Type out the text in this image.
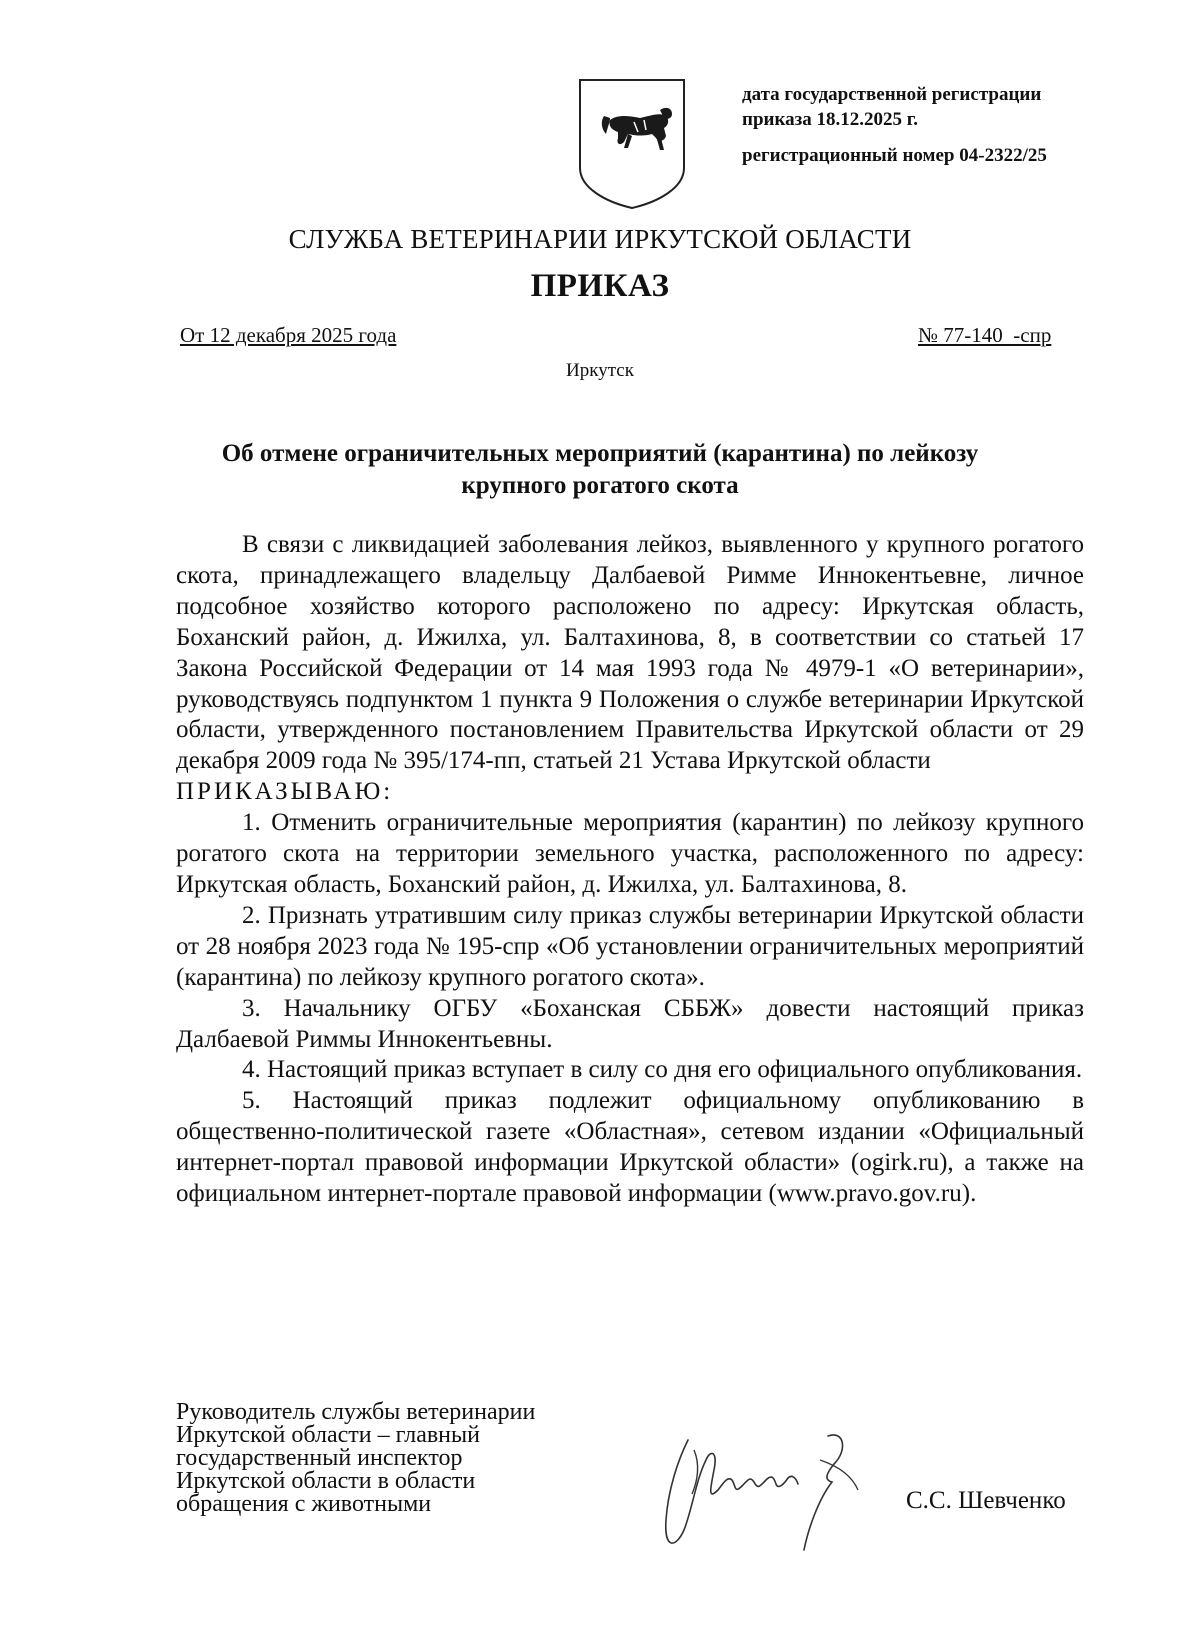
дата государственной регистрации
приказа 18.12.2025 г.
регистрационный номер 04-2322/25
СЛУЖБА ВЕТЕРИНАРИИ ИРКУТСКОЙ ОБЛАСТИ
ПРИКАЗ
От 12 декабря 2025 года	№ 77-140  -спр
Иркутск
Об отмене ограничительных мероприятий (карантина) по лейкозу
крупного рогатого скота

В связи с ликвидацией заболевания лейкоз, выявленного у крупного рогатого скота, принадлежащего владельцу Далбаевой Римме Иннокентьевне, личное подсобное хозяйство которого расположено по адресу: Иркутская область, Боханский район, д. Ижилха, ул. Балтахинова, 8, в соответствии со статьей 17 Закона Российской Федерации от 14 мая 1993 года № 4979-1 «О ветеринарии», руководствуясь подпунктом 1 пункта 9 Положения о службе ветеринарии Иркутской области, утвержденного постановлением Правительства Иркутской области от 29 декабря 2009 года № 395/174-пп, статьей 21 Устава Иркутской области

ПРИКАЗЫВАЮ:

1. Отменить ограничительные мероприятия (карантин) по лейкозу крупного рогатого скота на территории земельного участка, расположенного по адресу: Иркутская область, Боханский район, д. Ижилха, ул. Балтахинова, 8.

2. Признать утратившим силу приказ службы ветеринарии Иркутской области от 28 ноября 2023 года № 195-спр «Об установлении ограничительных мероприятий (карантина) по лейкозу крупного рогатого скота».

3. Начальнику ОГБУ «Боханская СББЖ» довести настоящий приказ Далбаевой Риммы Иннокентьевны.

4. Настоящий приказ вступает в силу со дня его официального опубликования.

5. Настоящий приказ подлежит официальному опубликованию в общественно-политической газете «Областная», сетевом издании «Официальный интернет-портал правовой информации Иркутской области» (ogirk.ru), а также на официальном интернет-портале правовой информации (www.pravo.gov.ru).

Руководитель службы ветеринарии
Иркутской области – главный
государственный инспектор
Иркутской области в области
обращения с животными	С.С. Шевченко
